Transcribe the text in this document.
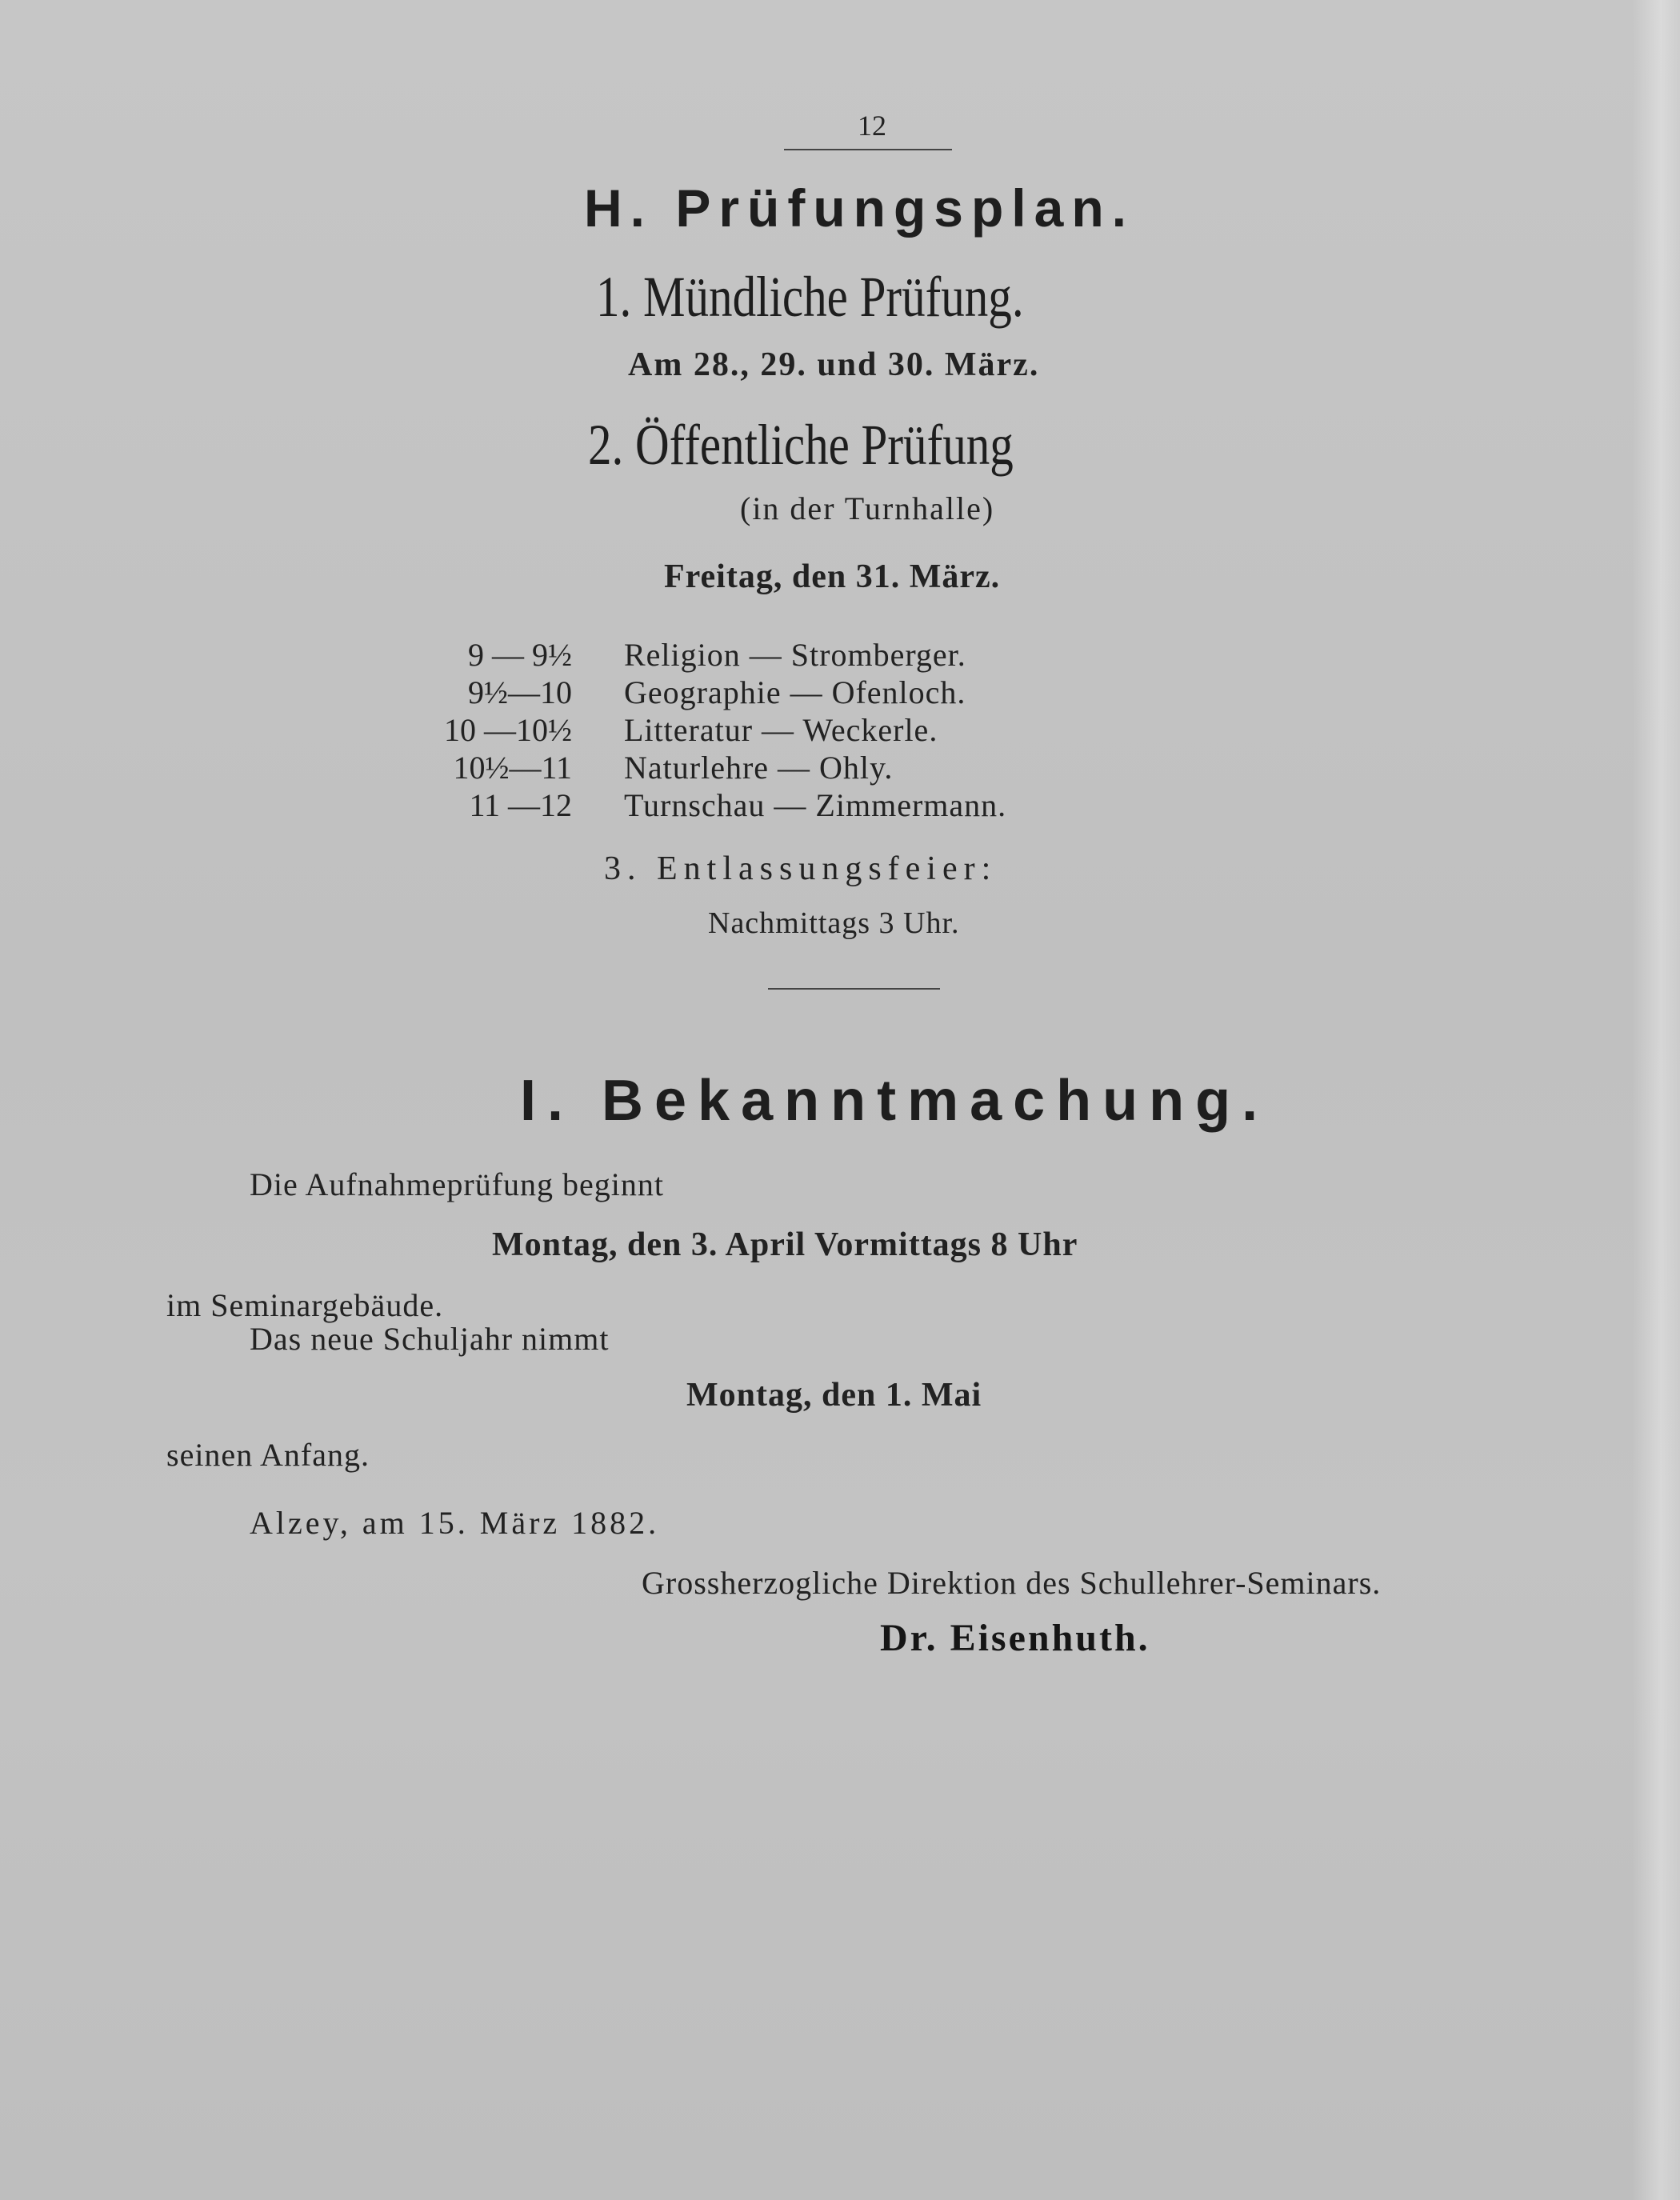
12
H. Prüfungsplan.
1. Mündliche Prüfung.
Am 28., 29. und 30. März.
2. Öffentliche Prüfung
(in der Turnhalle)
Freitag, den 31. März.
9 — 9½ Religion — Stromberger.
9½—10 Geographie — Ofenloch.
10 —10½ Litteratur — Weckerle.
10½—11 Naturlehre — Ohly.
11 —12 Turnschau — Zimmermann.
3. Entlassungsfeier:
Nachmittags 3 Uhr.
I. Bekanntmachung.
Die Aufnahmeprüfung beginnt
Montag, den 3. April Vormittags 8 Uhr
im Seminargebäude.
Das neue Schuljahr nimmt
Montag, den 1. Mai
seinen Anfang.
Alzey, am 15. März 1882.
Grossherzogliche Direktion des Schullehrer-Seminars.
Dr. Eisenhuth.
